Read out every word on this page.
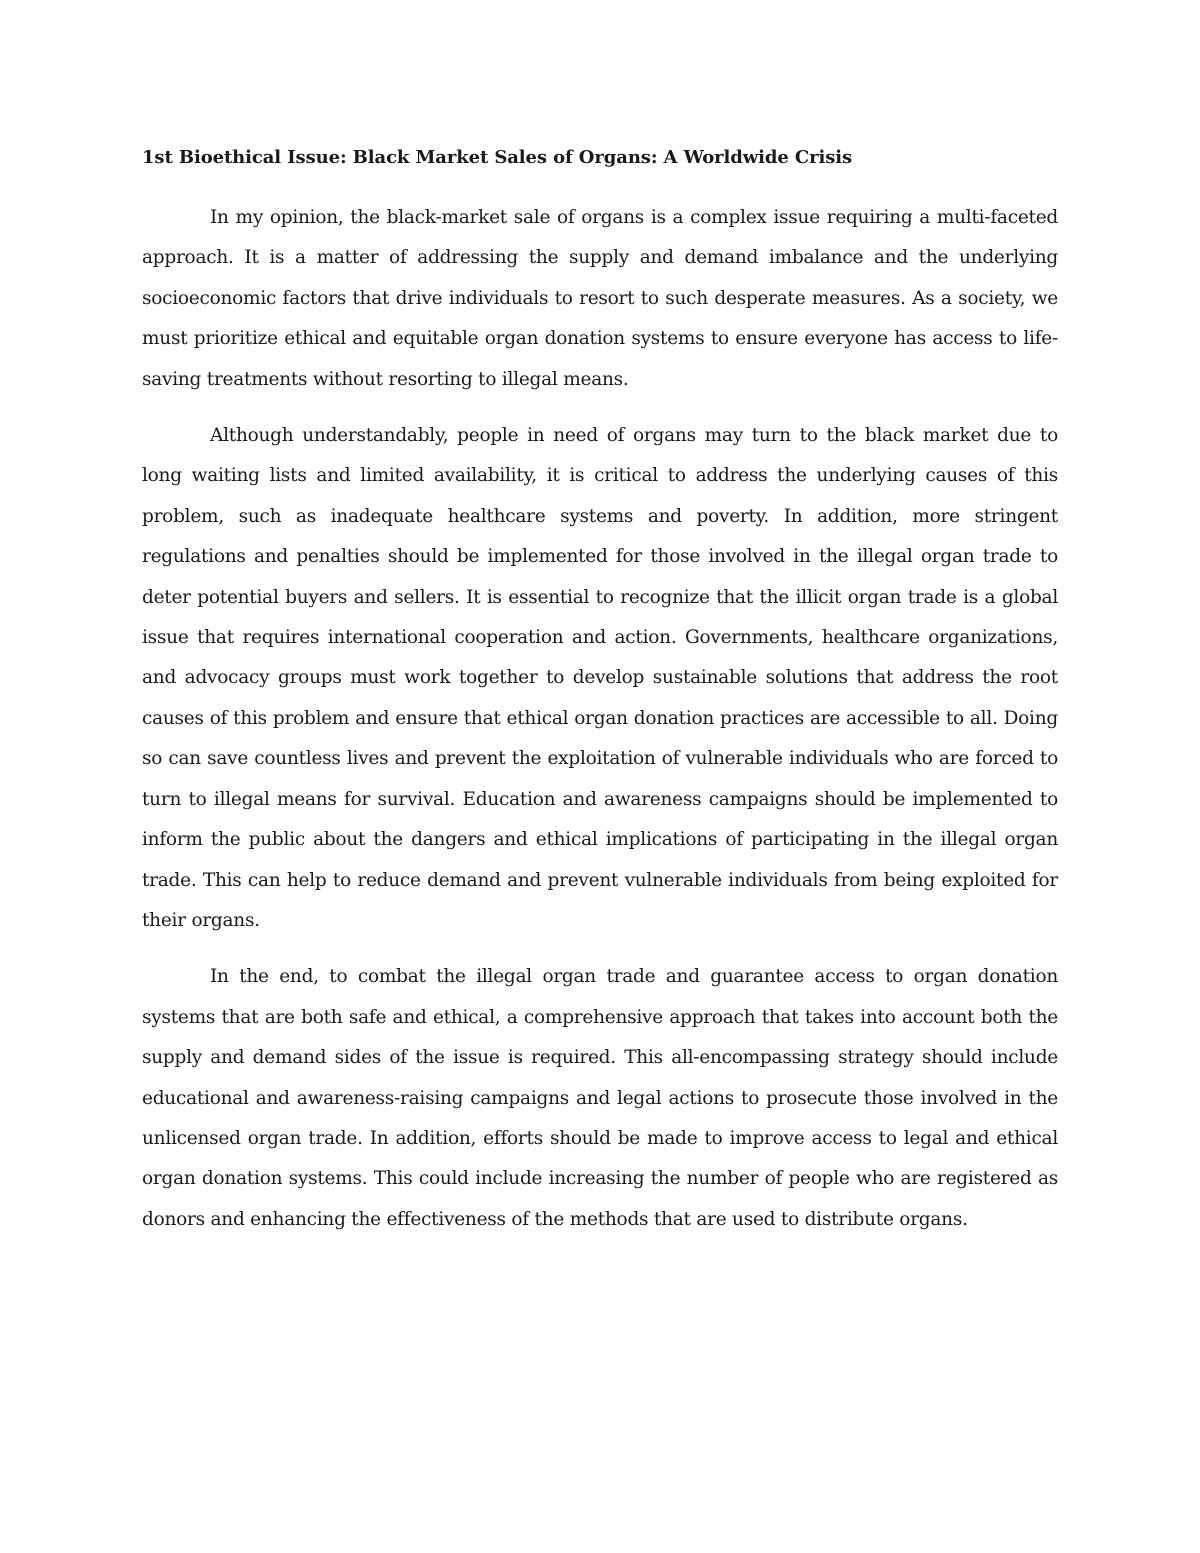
1st Bioethical Issue: Black Market Sales of Organs: A Worldwide Crisis

In my opinion, the black-market sale of organs is a complex issue requiring a multi-faceted approach. It is a matter of addressing the supply and demand imbalance and the underlying socioeconomic factors that drive individuals to resort to such desperate measures. As a society, we must prioritize ethical and equitable organ donation systems to ensure everyone has access to life-saving treatments without resorting to illegal means.

Although understandably, people in need of organs may turn to the black market due to long waiting lists and limited availability, it is critical to address the underlying causes of this problem, such as inadequate healthcare systems and poverty. In addition, more stringent regulations and penalties should be implemented for those involved in the illegal organ trade to deter potential buyers and sellers. It is essential to recognize that the illicit organ trade is a global issue that requires international cooperation and action. Governments, healthcare organizations, and advocacy groups must work together to develop sustainable solutions that address the root causes of this problem and ensure that ethical organ donation practices are accessible to all. Doing so can save countless lives and prevent the exploitation of vulnerable individuals who are forced to turn to illegal means for survival. Education and awareness campaigns should be implemented to inform the public about the dangers and ethical implications of participating in the illegal organ trade. This can help to reduce demand and prevent vulnerable individuals from being exploited for their organs.

In the end, to combat the illegal organ trade and guarantee access to organ donation systems that are both safe and ethical, a comprehensive approach that takes into account both the supply and demand sides of the issue is required. This all-encompassing strategy should include educational and awareness-raising campaigns and legal actions to prosecute those involved in the unlicensed organ trade. In addition, efforts should be made to improve access to legal and ethical organ donation systems. This could include increasing the number of people who are registered as donors and enhancing the effectiveness of the methods that are used to distribute organs.
